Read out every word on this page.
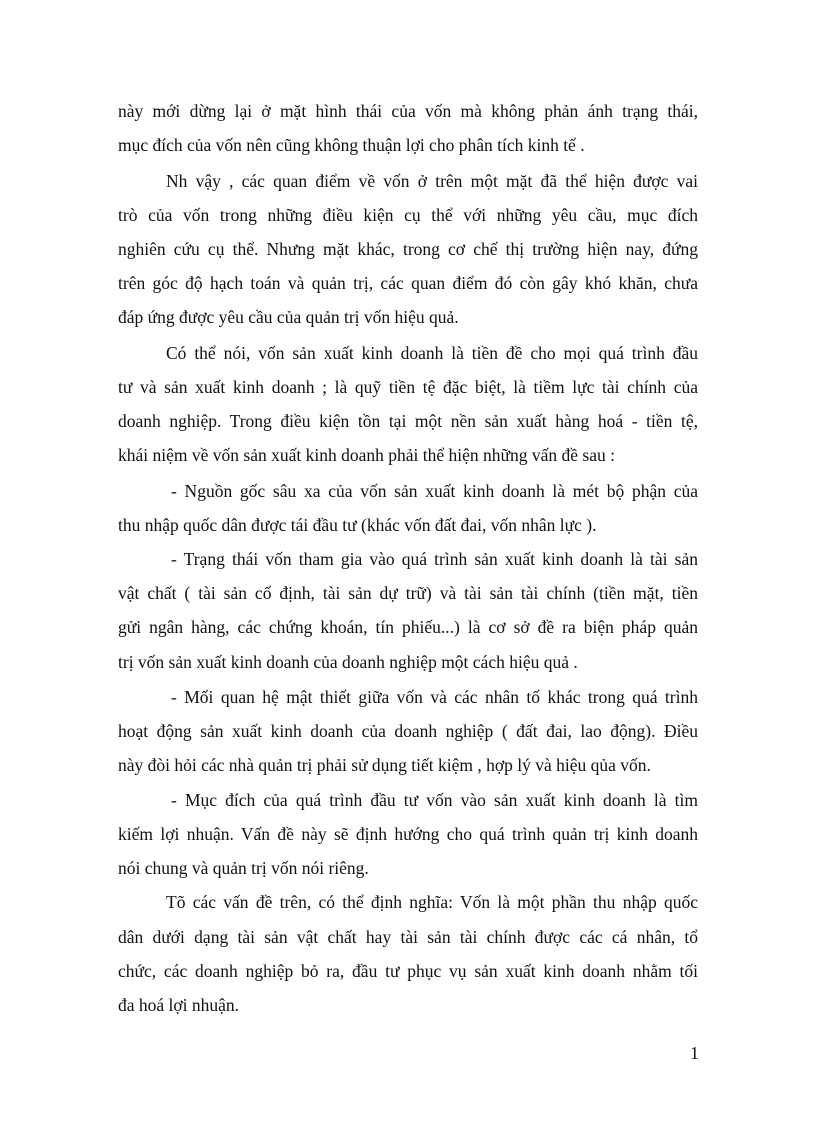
này mới dừng lại ở mặt hình thái của vốn mà không phản ánh trạng thái,
mục đích của vốn nên cũng không thuận lợi cho phân tích kinh tế .
Nh vậy , các quan điểm về vốn ở trên một mặt đã thể hiện được vai
trò của vốn trong những điều kiện cụ thể với những yêu cầu, mục đích
nghiên cứu cụ thể. Nhưng mặt khác, trong cơ chế thị trường hiện nay, đứng
trên góc độ hạch toán và quản trị, các quan điểm đó còn gây khó khăn, chưa
đáp ứng được yêu cầu của quản trị vốn hiệu quả.
Có thể nói, vốn sản xuất kinh doanh là tiền đề cho mọi quá trình đầu
tư và sản xuất kinh doanh ; là quỹ tiền tệ đặc biệt, là tiềm lực tài chính của
doanh nghiệp. Trong điều kiện tồn tại một nền sản xuất hàng hoá - tiền tệ,
khái niệm về vốn sản xuất kinh doanh phải thể hiện những vấn đề sau :
- Nguồn gốc sâu xa của vốn sản xuất kinh doanh là mét bộ phận của
thu nhập quốc dân được tái đầu tư (khác vốn đất đai, vốn nhân lực ).
- Trạng thái vốn tham gia vào quá trình sản xuất kinh doanh là tài sản
vật chất ( tài sản cố định, tài sản dự trữ) và tài sản tài chính (tiền mặt, tiền
gửi ngân hàng, các chứng khoán, tín phiếu...) là cơ sở đề ra biện pháp quản
trị vốn sản xuất kinh doanh của doanh nghiệp một cách hiệu quả .
- Mối quan hệ mật thiết giữa vốn và các nhân tố khác trong quá trình
hoạt động sản xuất kinh doanh của doanh nghiệp ( đất đai, lao động). Điều
này đòi hỏi các nhà quản trị phải sử dụng tiết kiệm , hợp lý và hiệu qủa vốn.
- Mục đích của quá trình đầu tư vốn vào sản xuất kinh doanh là tìm
kiếm lợi nhuận. Vấn đề này sẽ định hướng cho quá trình quản trị kinh doanh
nói chung và quản trị vốn nói riêng.
Tõ các vấn đề trên, có thể định nghĩa: Vốn là một phần thu nhập quốc
dân dưới dạng tài sản vật chất hay tài sản tài chính được các cá nhân, tổ
chức, các doanh nghiệp bỏ ra, đầu tư phục vụ sản xuất kinh doanh nhằm tối
đa hoá lợi nhuận.
1
